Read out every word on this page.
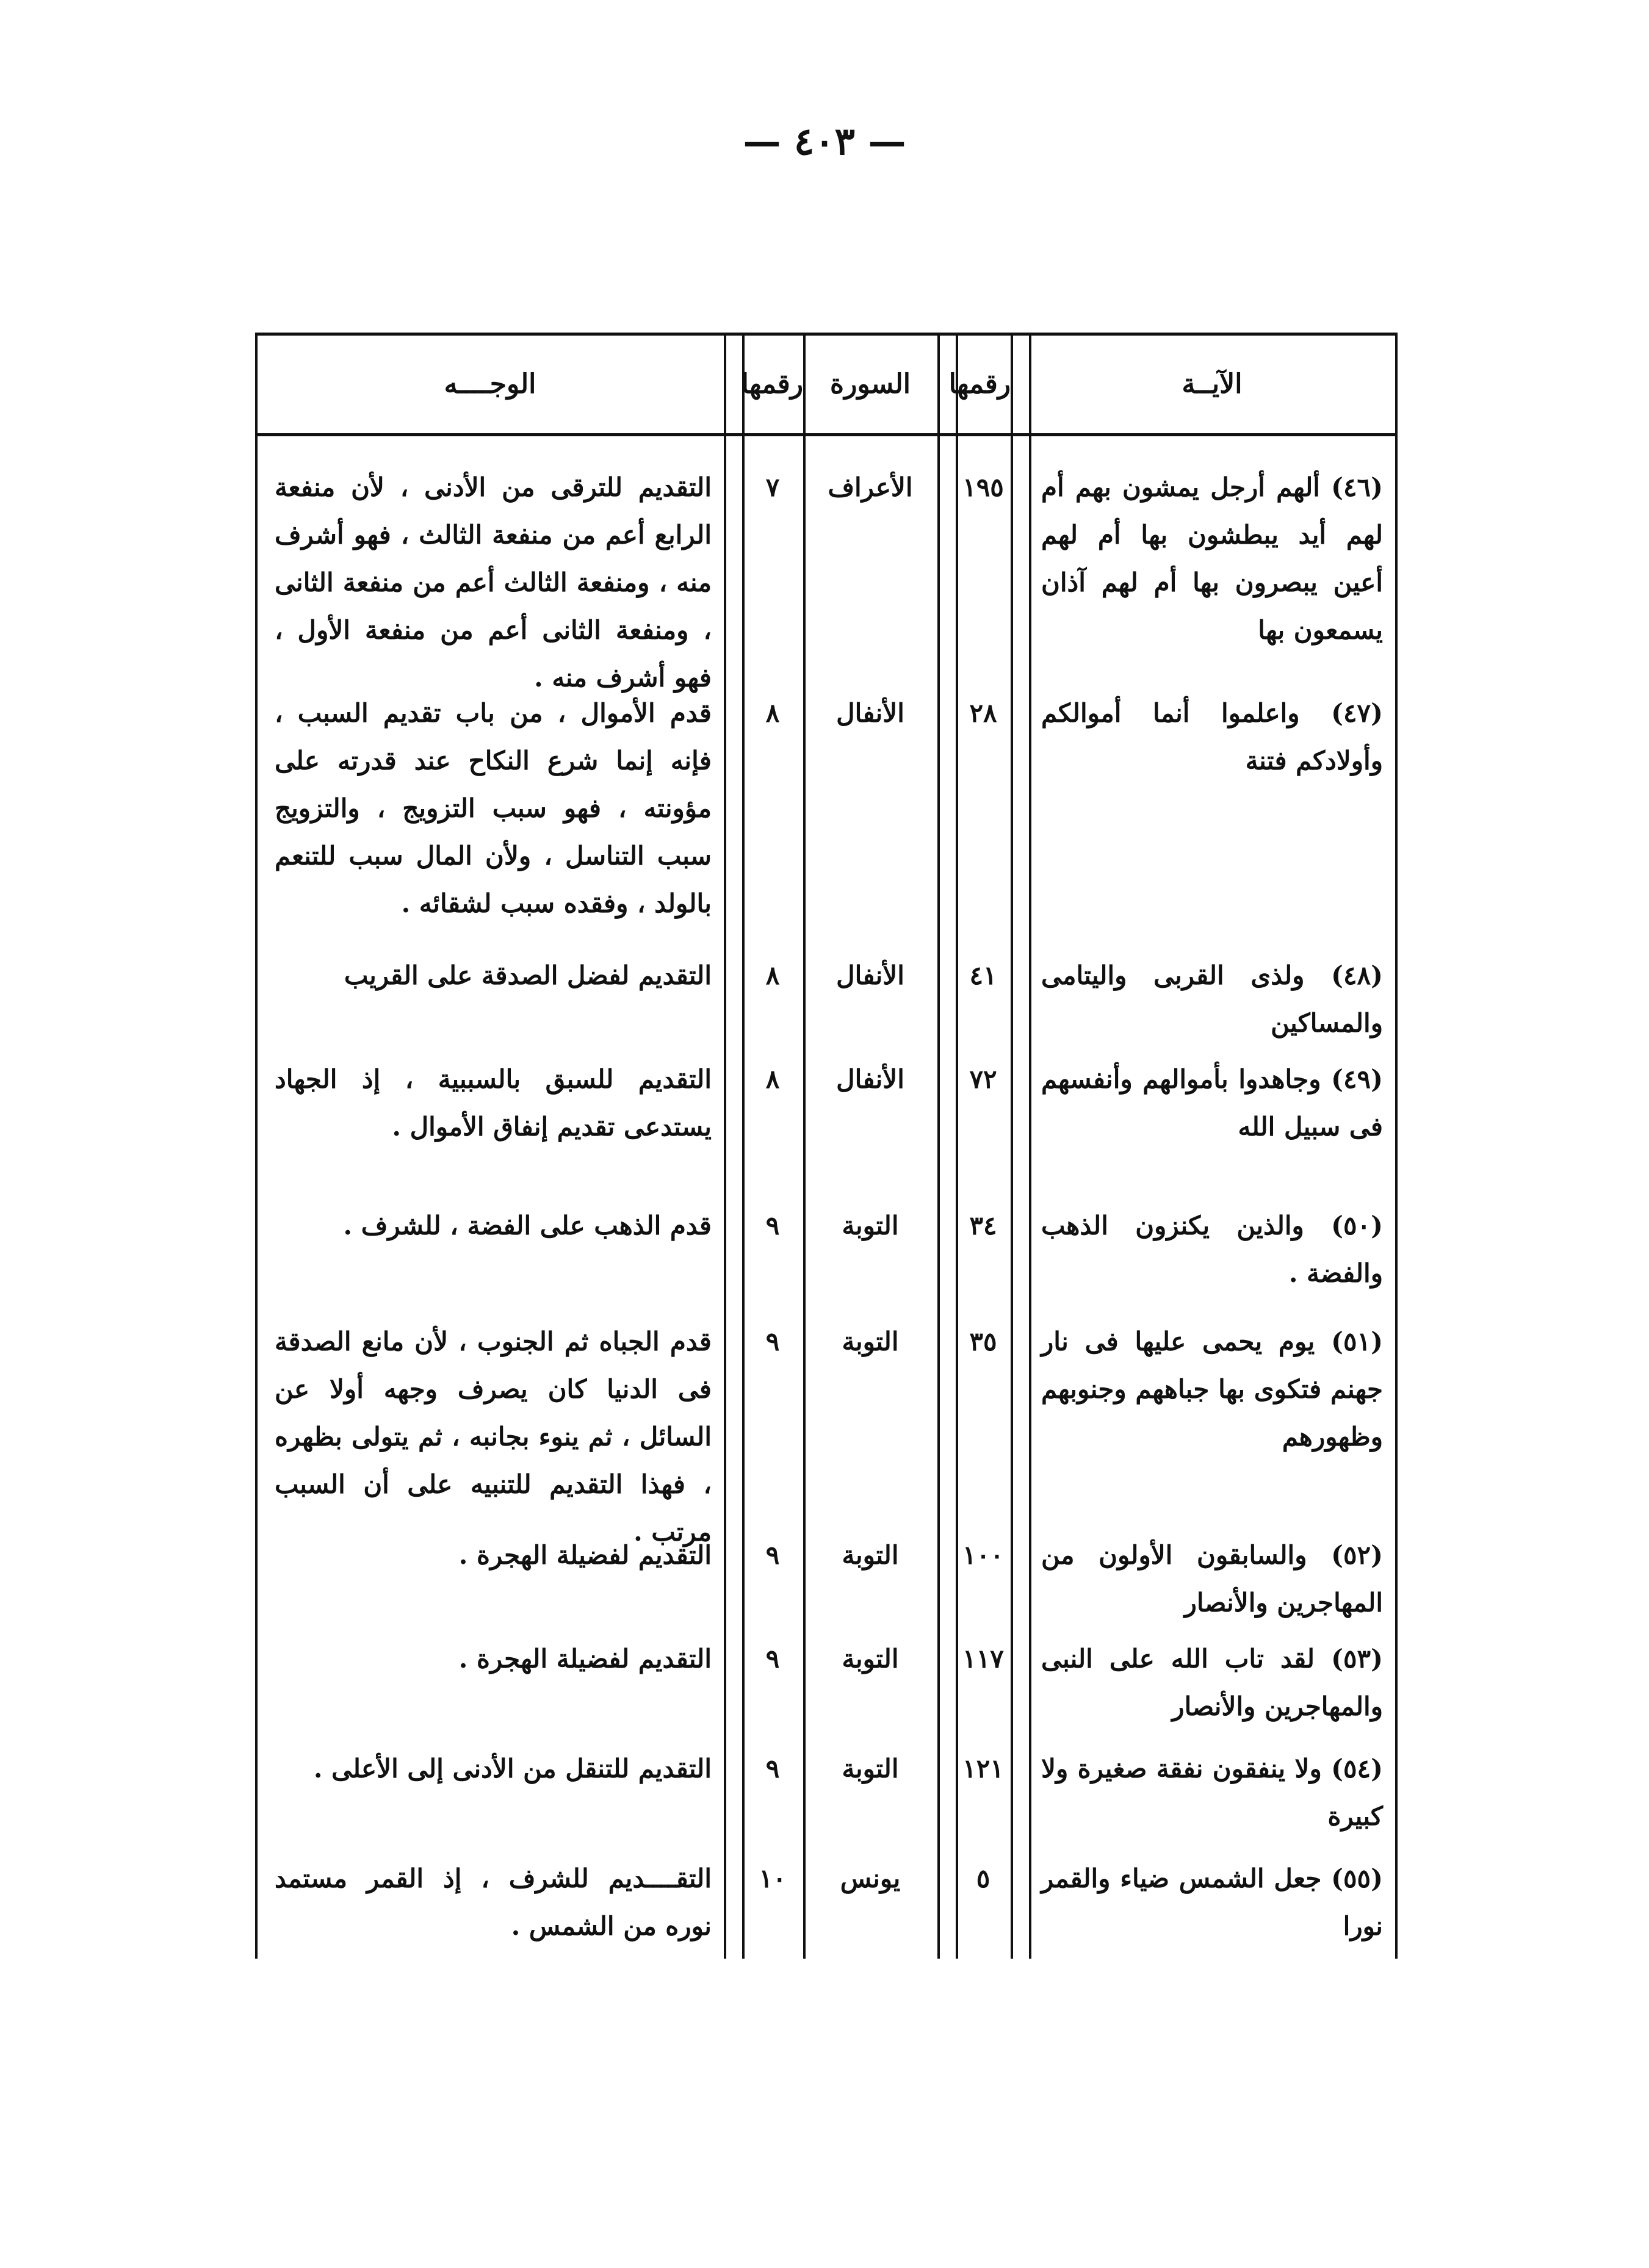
— ٤٠٣ —
الآيــة
رقمها
السورة
رقمها
الوجــــه
(٤٦) ألهم أرجل يمشون بهم أم لهم أيد يبطشون بها أم لهم أعين يبصرون بها أم لهم آذان يسمعون بها
١٩٥
الأعراف
٧
التقديم للترقى من الأدنى ، لأن منفعة الرابع أعم من منفعة الثالث ، فهو أشرف منه ، ومنفعة الثالث أعم من منفعة الثانى ، ومنفعة الثانى أعم من منفعة الأول ، فهو أشرف منه .
(٤٧) واعلموا أنما أموالكم وأولادكم فتنة
٢٨
الأنفال
٨
قدم الأموال ، من باب تقديم السبب ، فإنه إنما شرع النكاح عند قدرته على مؤونته ، فهو سبب التزويج ، والتزويج سبب التناسل ، ولأن المال سبب للتنعم بالولد ، وفقده سبب لشقائه .
(٤٨) ولذى القربى واليتامى والمساكين
٤١
الأنفال
٨
التقديم لفضل الصدقة على القريب
(٤٩) وجاهدوا بأموالهم وأنفسهم فى سبيل الله
٧٢
الأنفال
٨
التقديم للسبق بالسببية ، إذ الجهاد يستدعى تقديم إنفاق الأموال .
(٥٠) والذين يكنزون الذهب والفضة .
٣٤
التوبة
٩
قدم الذهب على الفضة ، للشرف .
(٥١) يوم يحمى عليها فى نار جهنم فتكوى بها جباههم وجنوبهم وظهورهم
٣٥
التوبة
٩
قدم الجباه ثم الجنوب ، لأن مانع الصدقة فى الدنيا كان يصرف وجهه أولا عن السائل ، ثم ينوء بجانبه ، ثم يتولى بظهره ، فهذا التقديم للتنبيه على أن السبب مرتب .
(٥٢) والسابقون الأولون من المهاجرين والأنصار
١٠٠
التوبة
٩
التقديم لفضيلة الهجرة .
(٥٣) لقد تاب الله على النبى والمهاجرين والأنصار
١١٧
التوبة
٩
التقديم لفضيلة الهجرة .
(٥٤) ولا ينفقون نفقة صغيرة ولا كبيرة
١٢١
التوبة
٩
التقديم للتنقل من الأدنى إلى الأعلى .
(٥٥) جعل الشمس ضياء والقمر نورا
٥
يونس
١٠
التقــــديم للشرف ، إذ القمر مستمد نوره من الشمس .
